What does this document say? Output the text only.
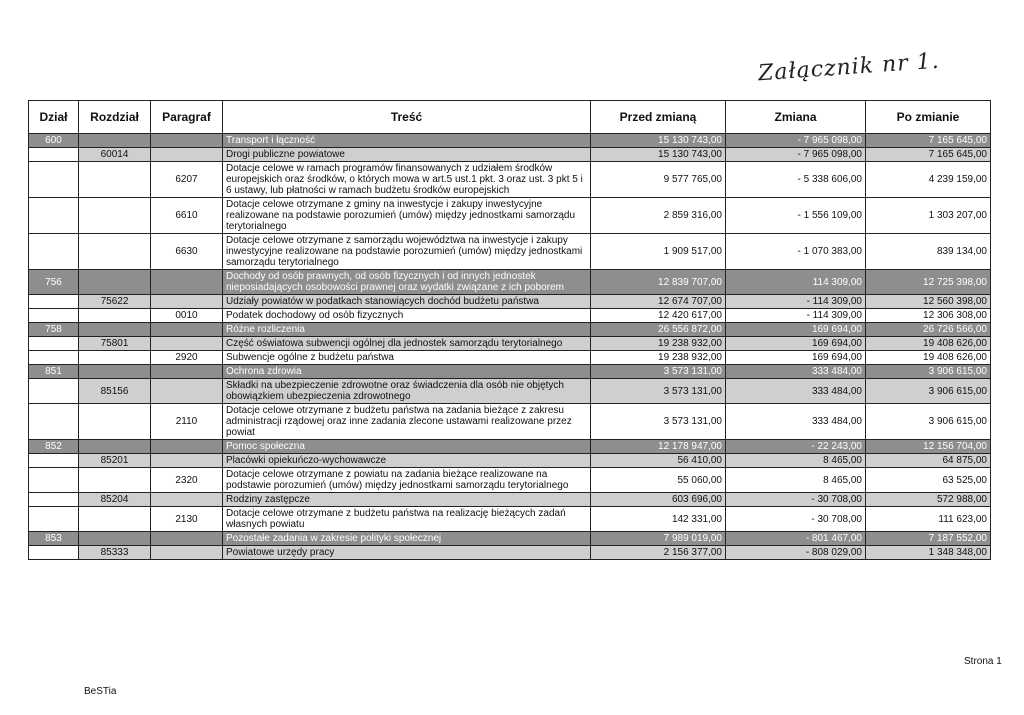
Załącznik nr 1.
Dział	Rozdział	Paragraf	Treść	Przed zmianą	Zmiana	Po zmianie
600			Transport i łączność	15 130 743,00	- 7 965 098,00	7 165 645,00
	60014		Drogi publiczne powiatowe	15 130 743,00	- 7 965 098,00	7 165 645,00
		6207	Dotacje celowe w ramach programów finansowanych z udziałem środków europejskich oraz środków, o których mowa w art.5 ust.1 pkt. 3 oraz ust. 3 pkt 5 i 6 ustawy, lub płatności w ramach budżetu środków europejskich	9 577 765,00	- 5 338 606,00	4 239 159,00
		6610	Dotacje celowe otrzymane z gminy na inwestycje i zakupy inwestycyjne realizowane na podstawie porozumień (umów) między jednostkami samorządu terytorialnego	2 859 316,00	- 1 556 109,00	1 303 207,00
		6630	Dotacje celowe otrzymane z samorządu województwa na inwestycje i zakupy inwestycyjne realizowane na podstawie porozumień (umów) między jednostkami samorządu terytorialnego	1 909 517,00	- 1 070 383,00	839 134,00
756			Dochody od osób prawnych, od osób fizycznych i od innych jednostek nieposiadających osobowości prawnej oraz wydatki związane z ich poborem	12 839 707,00	114 309,00	12 725 398,00
	75622		Udziały powiatów w podatkach stanowiących dochód budżetu państwa	12 674 707,00	- 114 309,00	12 560 398,00
		0010	Podatek dochodowy od osób fizycznych	12 420 617,00	- 114 309,00	12 306 308,00
758			Różne rozliczenia	26 556 872,00	169 694,00	26 726 566,00
	75801		Część oświatowa subwencji ogólnej dla jednostek samorządu terytorialnego	19 238 932,00	169 694,00	19 408 626,00
		2920	Subwencje ogólne z budżetu państwa	19 238 932,00	169 694,00	19 408 626,00
851			Ochrona zdrowia	3 573 131,00	333 484,00	3 906 615,00
	85156		Składki na ubezpieczenie zdrowotne oraz świadczenia dla osób nie objętych obowiązkiem ubezpieczenia zdrowotnego	3 573 131,00	333 484,00	3 906 615,00
		2110	Dotacje celowe otrzymane z budżetu państwa na zadania bieżące z zakresu administracji rządowej oraz inne zadania zlecone ustawami realizowane przez powiat	3 573 131,00	333 484,00	3 906 615,00
852			Pomoc społeczna	12 178 947,00	- 22 243,00	12 156 704,00
	85201		Placówki opiekuńczo-wychowawcze	56 410,00	8 465,00	64 875,00
		2320	Dotacje celowe otrzymane z powiatu na zadania bieżące realizowane na podstawie porozumień (umów) między jednostkami samorządu terytorialnego	55 060,00	8 465,00	63 525,00
	85204		Rodziny zastępcze	603 696,00	- 30 708,00	572 988,00
		2130	Dotacje celowe otrzymane z budżetu państwa na realizację bieżących zadań własnych powiatu	142 331,00	- 30 708,00	111 623,00
853			Pozostałe zadania w zakresie polityki społecznej	7 989 019,00	- 801 467,00	7 187 552,00
	85333		Powiatowe urzędy pracy	2 156 377,00	- 808 029,00	1 348 348,00
Strona 1
BeSTia
